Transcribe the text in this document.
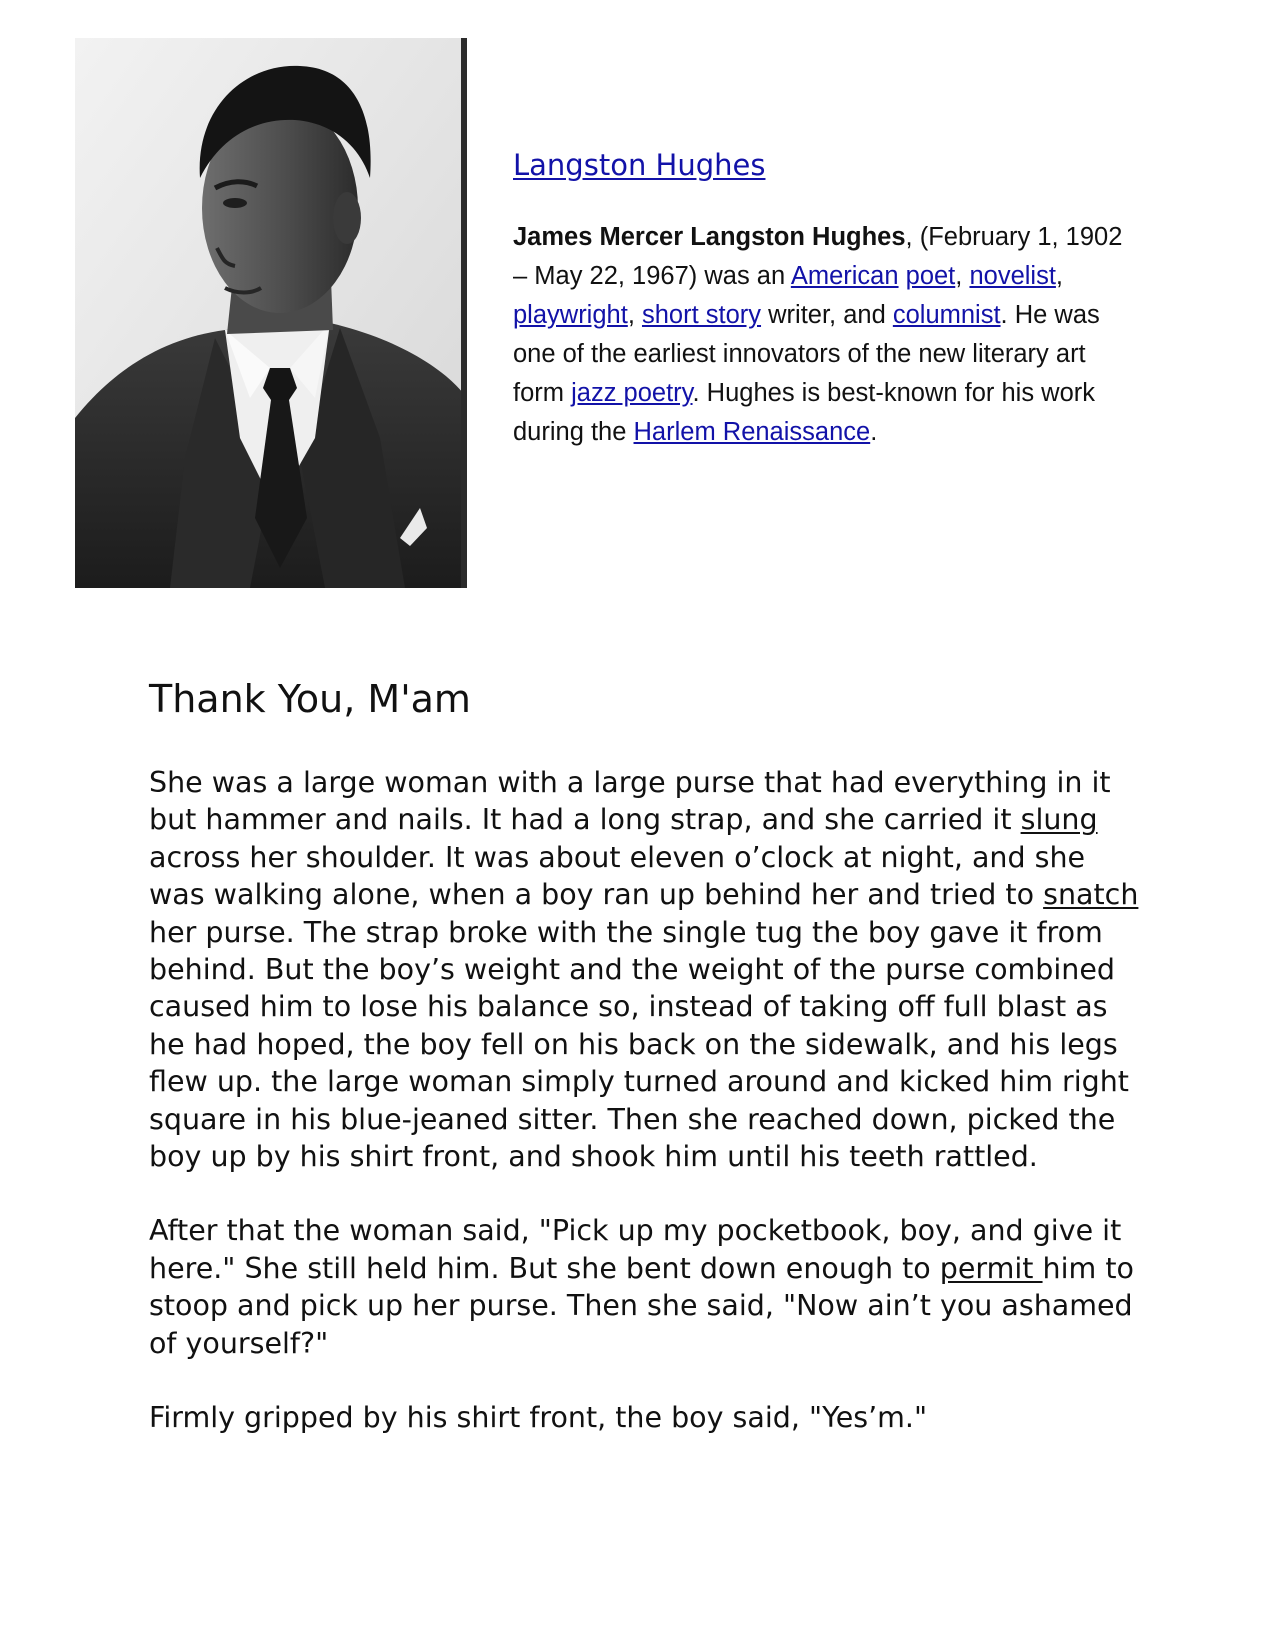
Langston Hughes

James Mercer Langston Hughes, (February 1, 1902 – May 22, 1967) was an American poet, novelist, playwright, short story writer, and columnist. He was one of the earliest innovators of the new literary art form jazz poetry. Hughes is best-known for his work during the Harlem Renaissance.

Thank You, M'am

She was a large woman with a large purse that had everything in it but hammer and nails. It had a long strap, and she carried it slung across her shoulder. It was about eleven o’clock at night, and she was walking alone, when a boy ran up behind her and tried to snatch her purse. The strap broke with the single tug the boy gave it from behind. But the boy’s weight and the weight of the purse combined caused him to lose his balance so, instead of taking off full blast as he had hoped, the boy fell on his back on the sidewalk, and his legs flew up. the large woman simply turned around and kicked him right square in his blue-jeaned sitter. Then she reached down, picked the boy up by his shirt front, and shook him until his teeth rattled.

After that the woman said, "Pick up my pocketbook, boy, and give it here." She still held him. But she bent down enough to permit him to stoop and pick up her purse. Then she said, "Now ain’t you ashamed of yourself?"

Firmly gripped by his shirt front, the boy said, "Yes’m."
